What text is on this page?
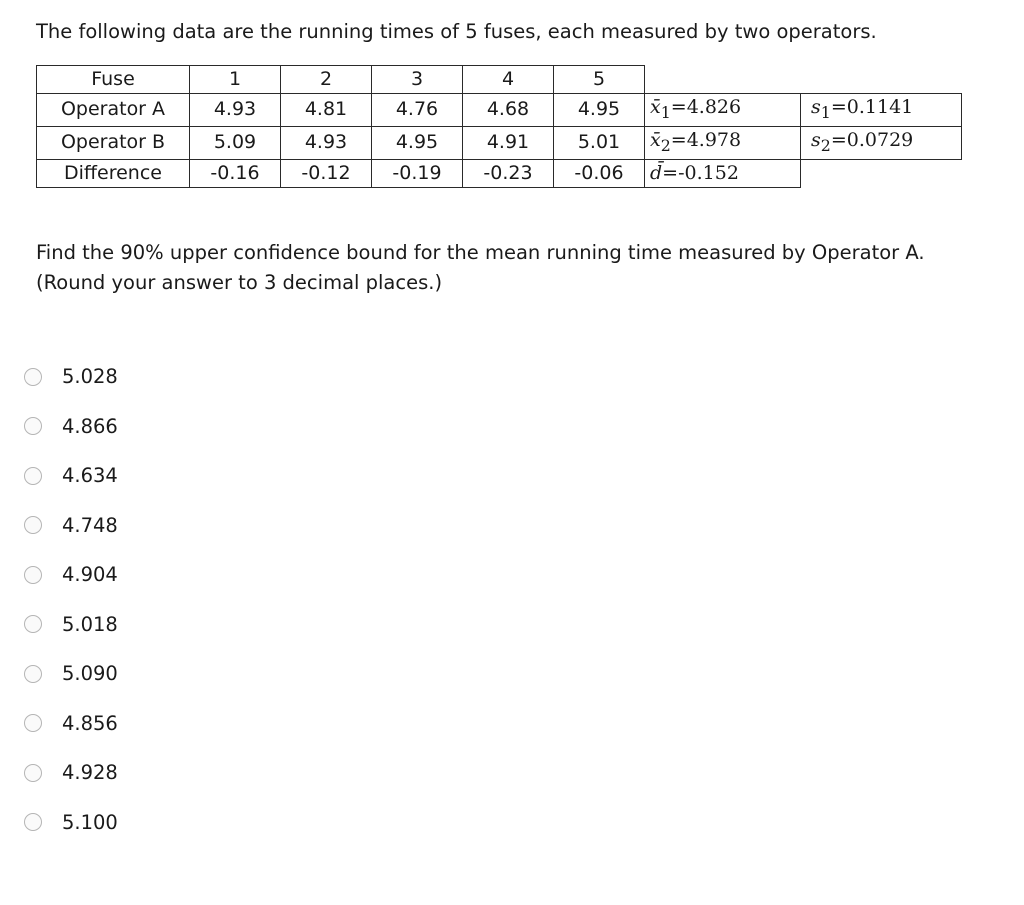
The following data are the running times of 5 fuses, each measured by two operators.
Fuse	1	2	3	4	5		
Operator A	4.93	4.81	4.76	4.68	4.95	$x̄_1=4.826$	$s_1=0.1141$
Operator B	5.09	4.93	4.95	4.91	5.01	$x̄_2=4.978$	$s_2=0.0729$
Difference	-0.16	-0.12	-0.19	-0.23	-0.06	d̄=-0.152	
Find the 90% upper confidence bound for the mean running time measured by Operator A.
(Round your answer to 3 decimal places.)
5.028
4.866
4.634
4.748
4.904
5.018
5.090
4.856
4.928
5.100
